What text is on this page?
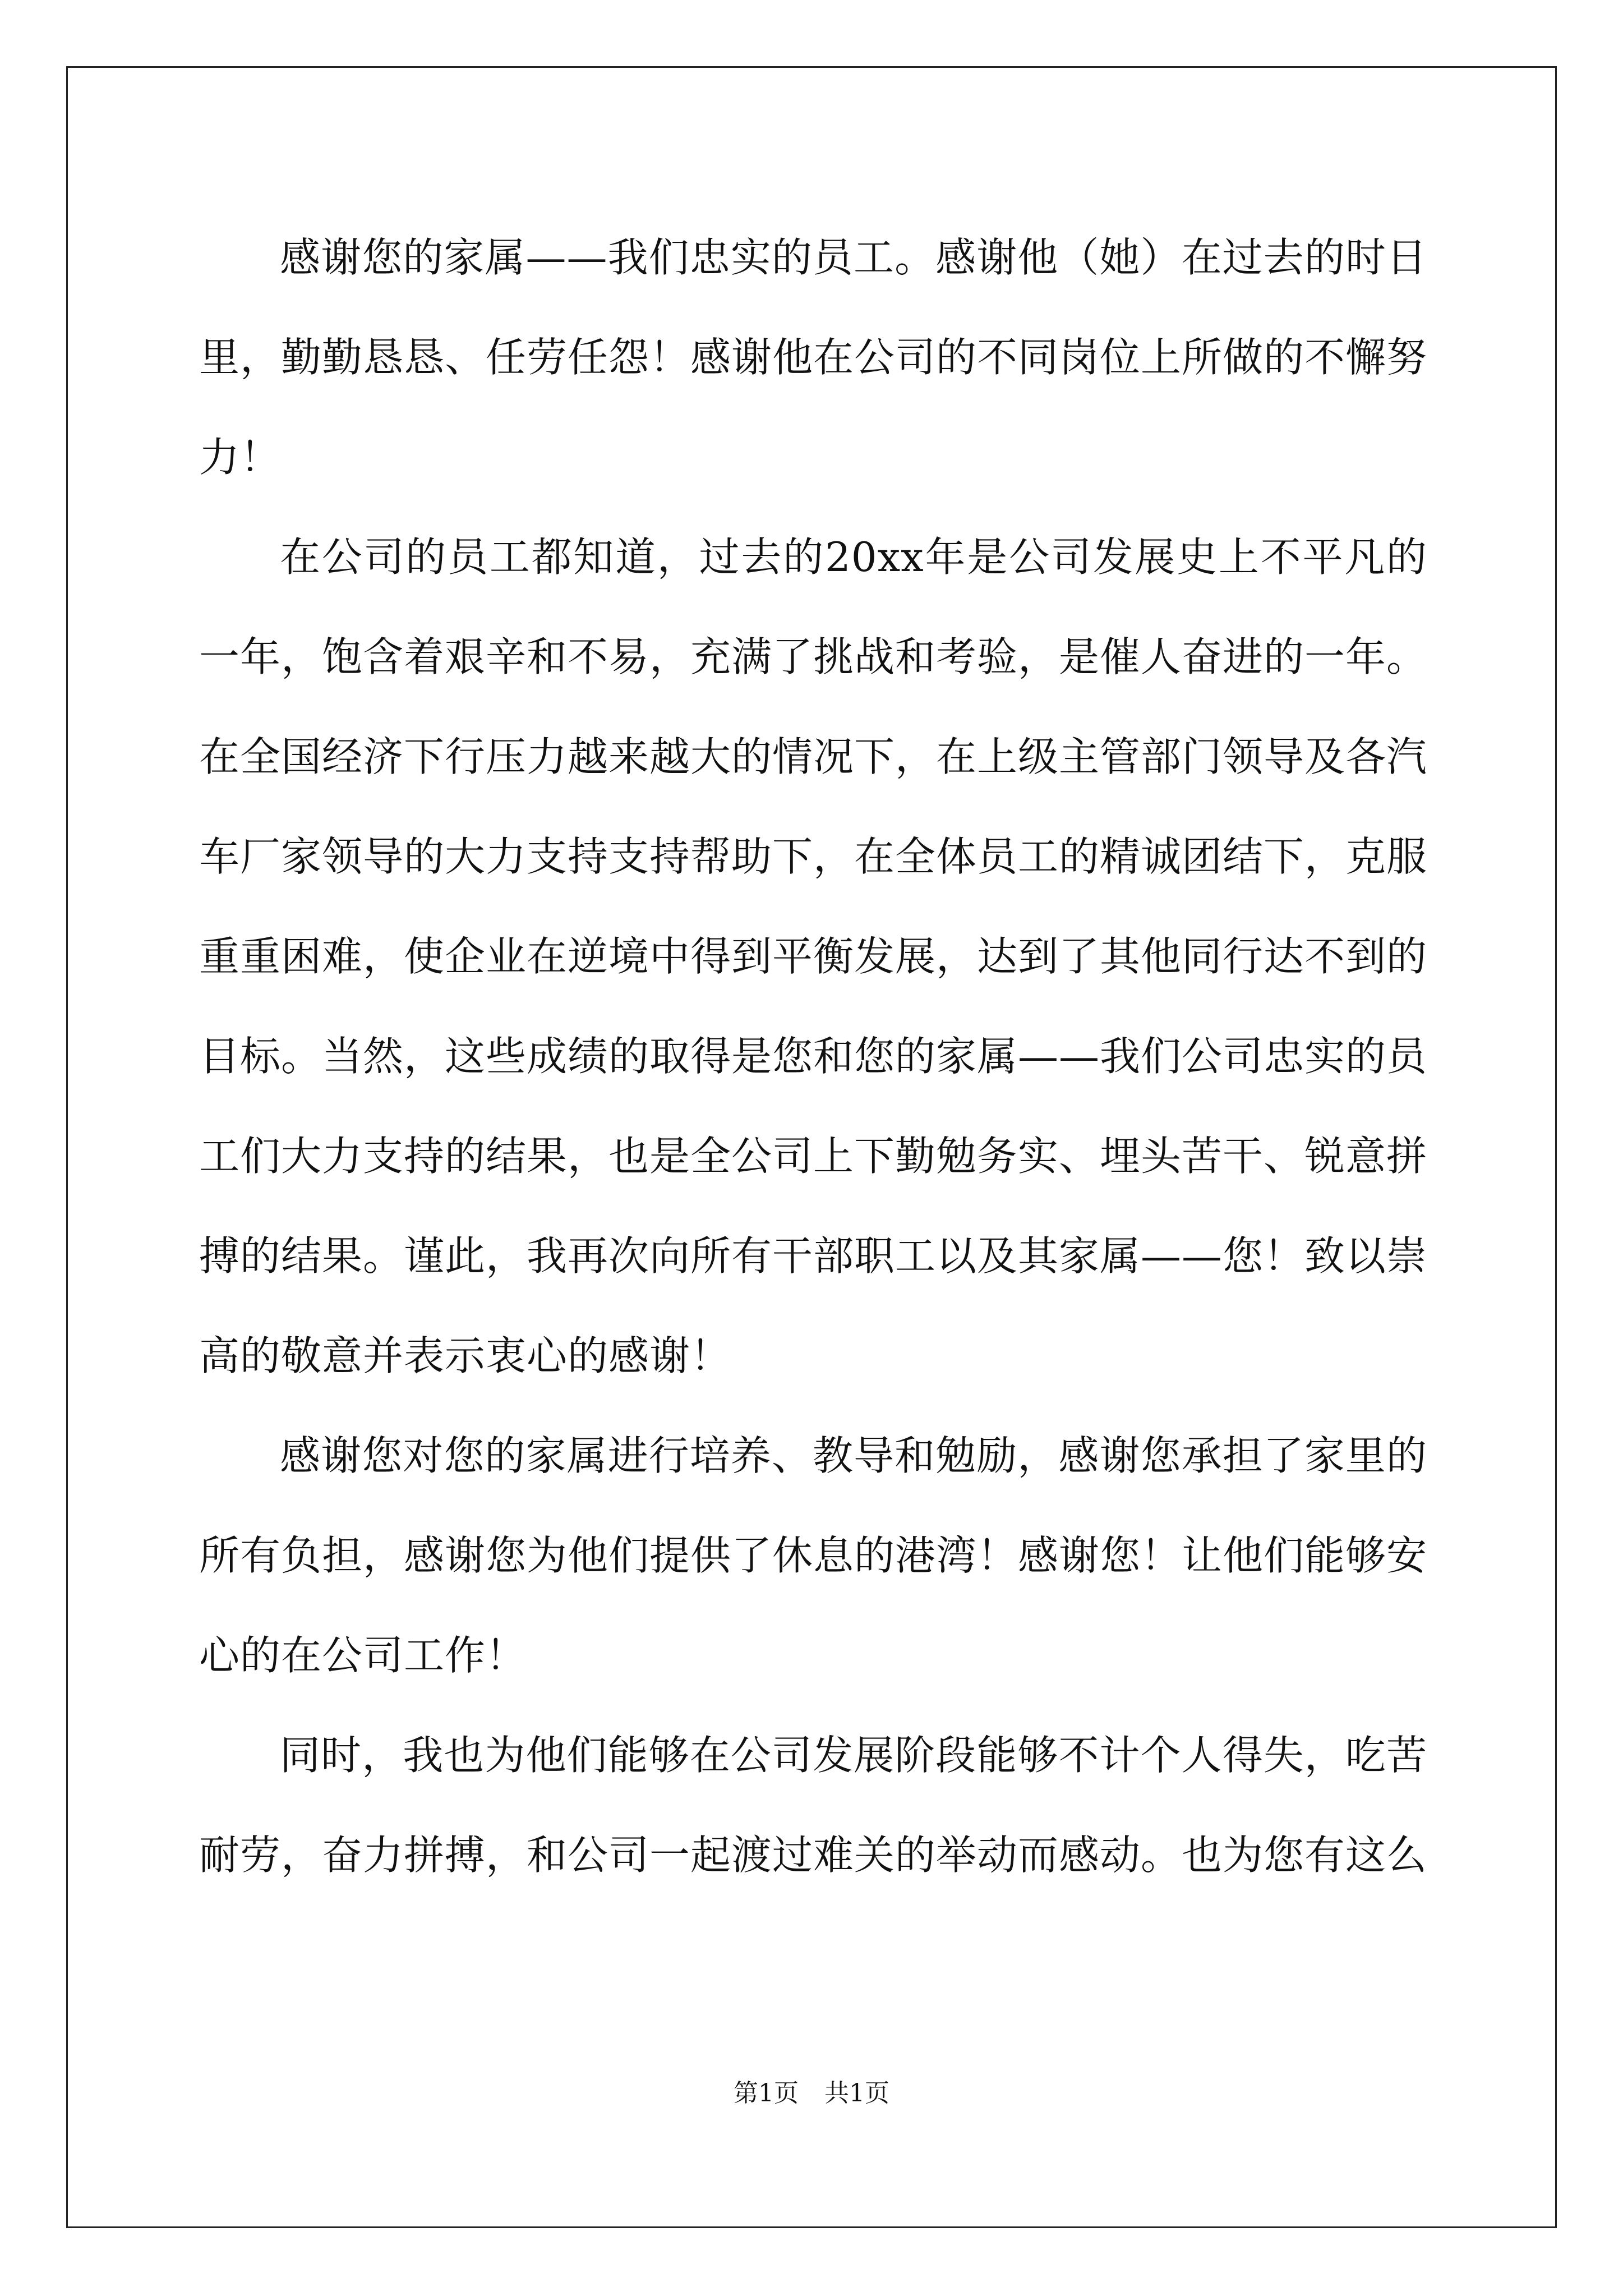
感谢您的家属——我们忠实的员工。感谢他（她）在过去的时日里，勤勤恳恳、任劳任怨！感谢他在公司的不同岗位上所做的不懈努力！

在公司的员工都知道，过去的20xx年是公司发展史上不平凡的一年，饱含着艰辛和不易，充满了挑战和考验，是催人奋进的一年。在全国经济下行压力越来越大的情况下，在上级主管部门领导及各汽车厂家领导的大力支持支持帮助下，在全体员工的精诚团结下，克服重重困难，使企业在逆境中得到平衡发展，达到了其他同行达不到的目标。当然，这些成绩的取得是您和您的家属——我们公司忠实的员工们大力支持的结果，也是全公司上下勤勉务实、埋头苦干、锐意拼搏的结果。谨此，我再次向所有干部职工以及其家属——您！致以崇高的敬意并表示衷心的感谢！

感谢您对您的家属进行培养、教导和勉励，感谢您承担了家里的所有负担，感谢您为他们提供了休息的港湾！感谢您！让他们能够安心的在公司工作！

同时，我也为他们能够在公司发展阶段能够不计个人得失，吃苦耐劳，奋力拼搏，和公司一起渡过难关的举动而感动。也为您有这么

第1页 共1页
